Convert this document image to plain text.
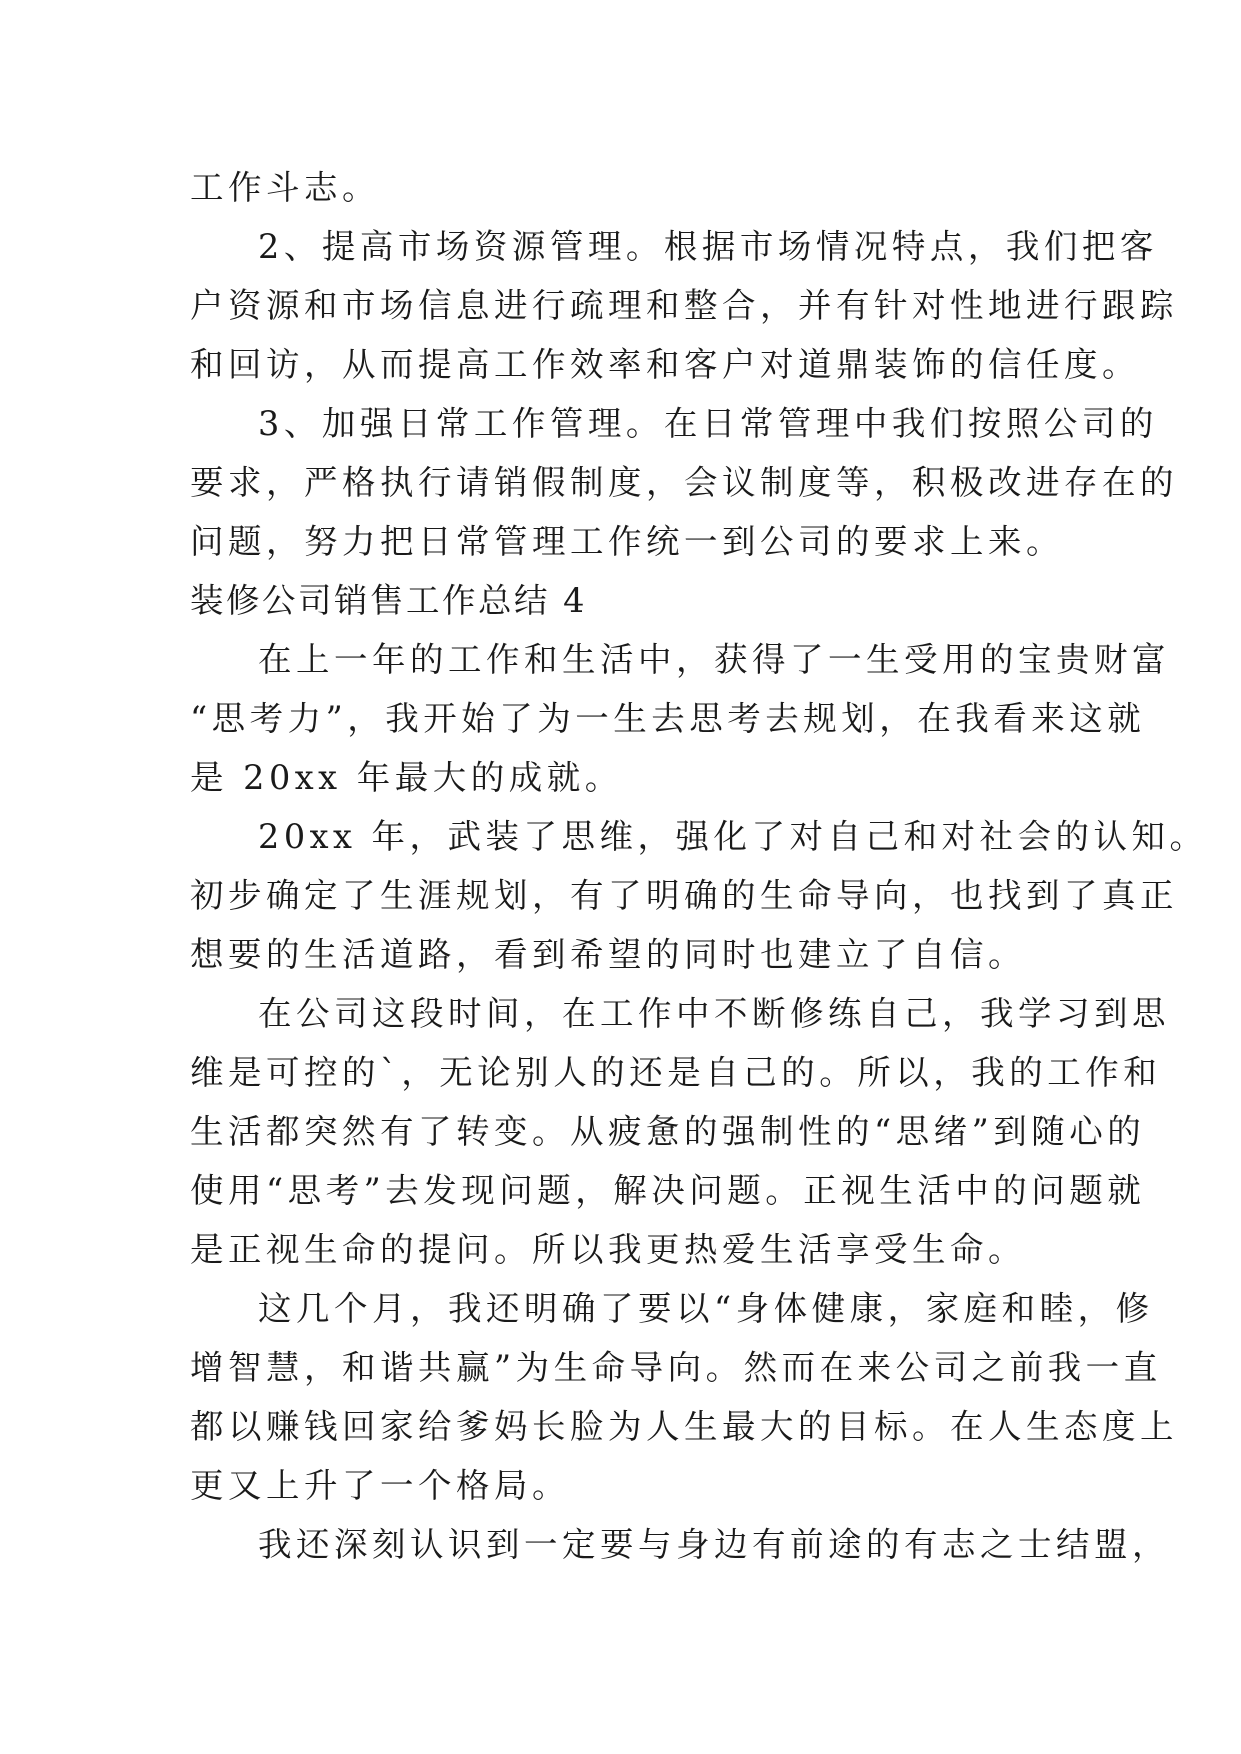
工作斗志。
2、提高市场资源管理。根据市场情况特点，我们把客
户资源和市场信息进行疏理和整合，并有针对性地进行跟踪
和回访，从而提高工作效率和客户对道鼎装饰的信任度。
3、加强日常工作管理。在日常管理中我们按照公司的
要求，严格执行请销假制度，会议制度等，积极改进存在的
问题，努力把日常管理工作统一到公司的要求上来。
装修公司销售工作总结 4
在上一年的工作和生活中，获得了一生受用的宝贵财富
“思考力”，我开始了为一生去思考去规划，在我看来这就
是 20xx 年最大的成就。
20xx 年，武装了思维，强化了对自己和对社会的认知。
初步确定了生涯规划，有了明确的生命导向，也找到了真正
想要的生活道路，看到希望的同时也建立了自信。
在公司这段时间，在工作中不断修练自己，我学习到思
维是可控的`，无论别人的还是自己的。所以，我的工作和
生活都突然有了转变。从疲惫的强制性的“思绪”到随心的
使用“思考”去发现问题，解决问题。正视生活中的问题就
是正视生命的提问。所以我更热爱生活享受生命。
这几个月，我还明确了要以“身体健康，家庭和睦，修
增智慧，和谐共赢”为生命导向。然而在来公司之前我一直
都以赚钱回家给爹妈长脸为人生最大的目标。在人生态度上
更又上升了一个格局。
我还深刻认识到一定要与身边有前途的有志之士结盟，
